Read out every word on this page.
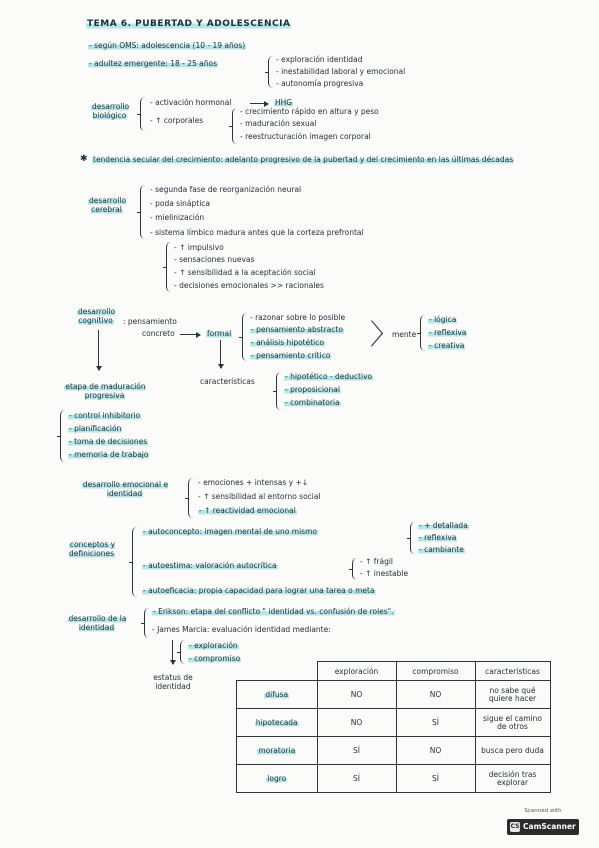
TEMA 6. PUBERTAD Y ADOLESCENCIA
- según OMS: adolescencia (10 - 19 años)
- adultez emergente: 18 - 25 años	- exploración identidad
- inestabilidad laboral y emocional
- autonomía progresiva
desarrollo biológico
- activación hormonal	HHG
- ↑ corporales
- crecimiento rápido en altura y peso
- maduración sexual
- reestructuración imagen corporal
✱ tendencia secular del crecimiento: adelanto progresivo de la pubertad y del crecimiento en las últimas décadas
desarrollo cerebral
- segunda fase de reorganización neural
- poda sináptica
- mielinización
- sistema límbico madura antes que la corteza prefrontal
- ↑ impulsivo
- sensaciones nuevas
- ↑ sensibilidad a la aceptación social
- decisiones emocionales >> racionales
desarrollo cognitivo	: pensamiento
concreto	formal
- razonar sobre lo posible
- pensamiento abstracto
- análisis hipotético
- pensamiento crítico
〉
mente
- lógica
- reflexiva
- creativa
características
- hipotético - deductivo
- proposicional
- combinatoria
etapa de maduración progresiva
- control inhibitorio
- planificación
- toma de decisiones
- memoria de trabajo
desarrollo emocional e identidad
- emociones + intensas y +↓
- ↑ sensibilidad al entorno social
- ↑ reactividad emocional
conceptos y definiciones
- autoconcepto: imagen mental de uno mismo
- + detallada
- reflexiva
- cambiante
- autoestima: valoración autocrítica	- ↑ frágil
- ↑ inestable
- autoeficacia: propia capacidad para lograr una tarea o meta
desarrollo de la identidad
- Erikson: etapa del conflicto " identidad vs. confusión de roles".
- James Marcia: evaluación identidad mediante:
- exploración
- compromiso
estatus de identidad
	exploración	compromiso	características
difusa	NO	NO	no sabe qué quiere hacer
hipotecada	NO	SÍ	sigue el camino de otros
moratoria	SÍ	NO	busca pero duda
logro	SÍ	SÍ	decisión tras explorar
Scanned with
CS CamScanner
